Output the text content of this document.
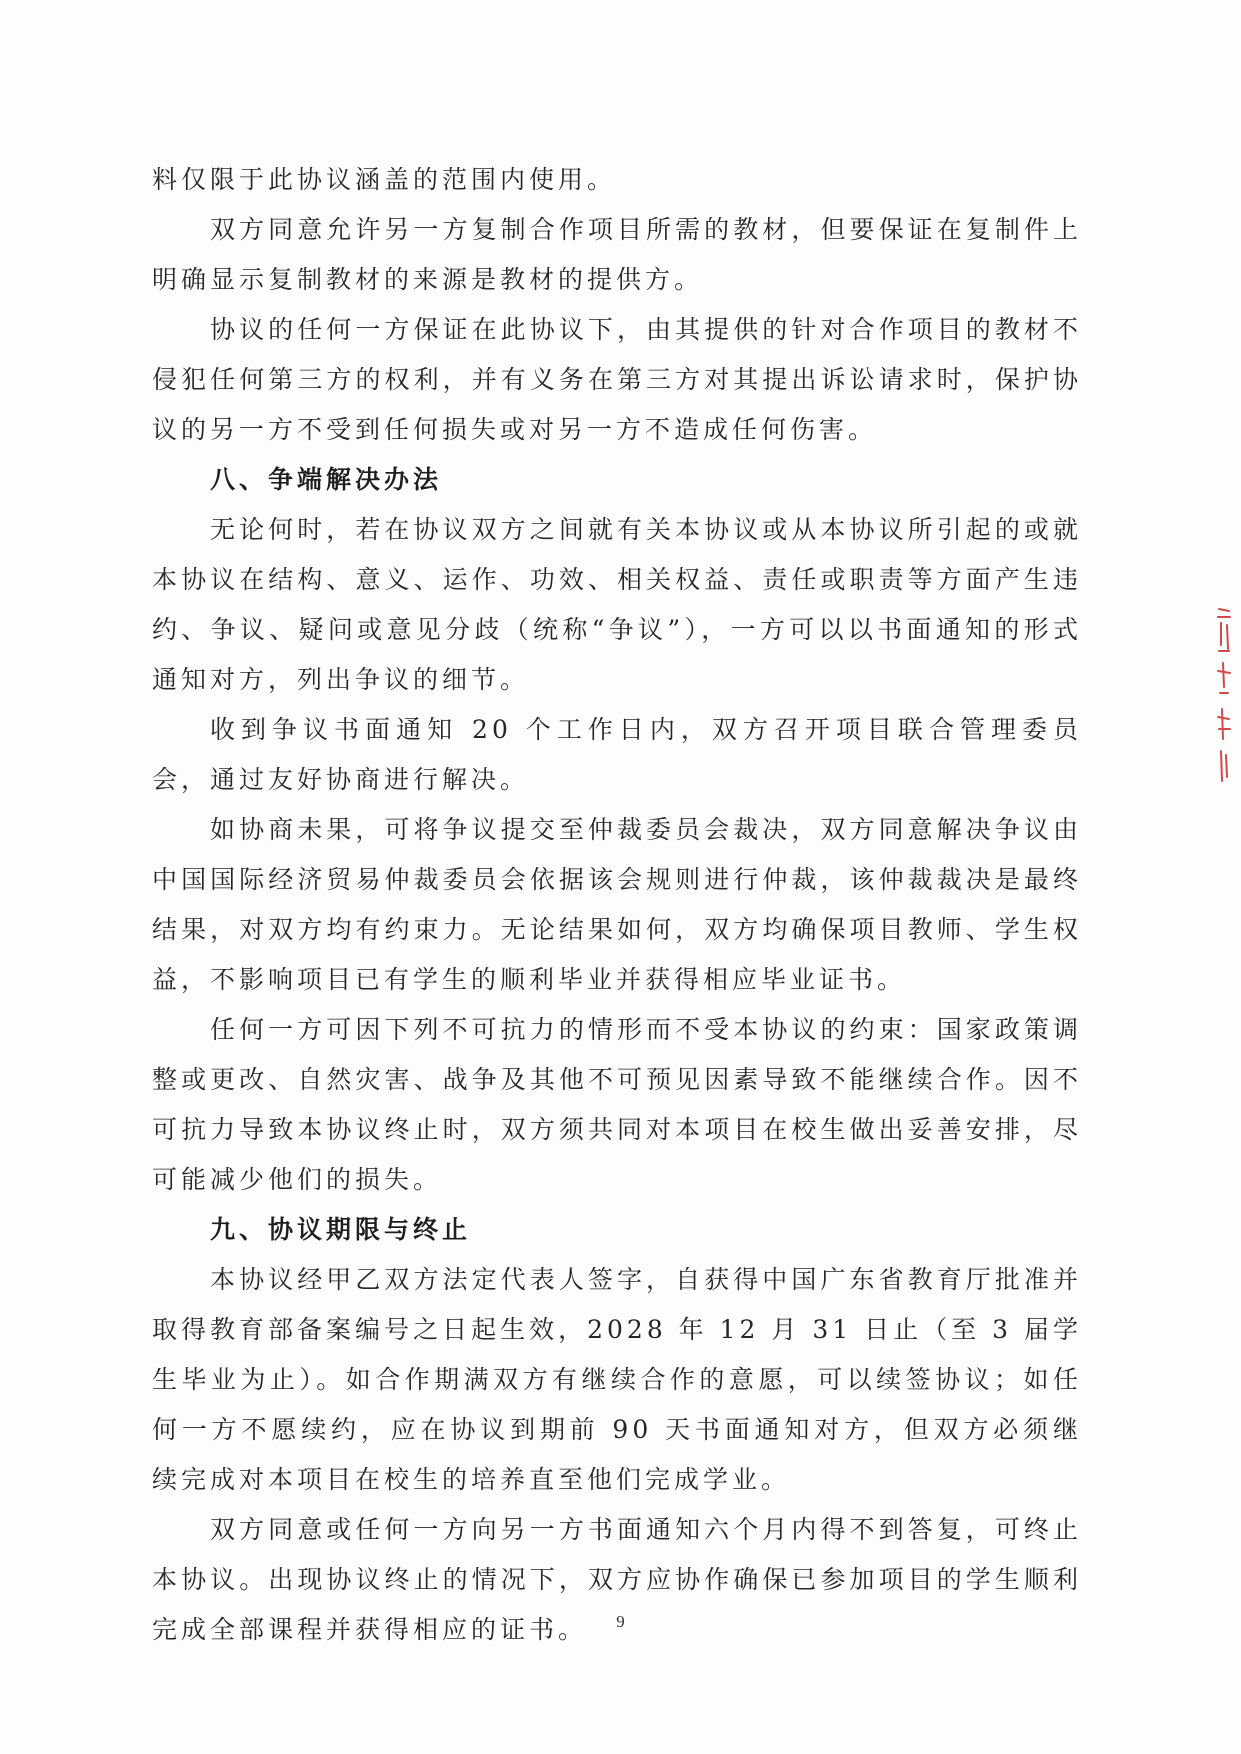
料仅限于此协议涵盖的范围内使用。

双方同意允许另一方复制合作项目所需的教材，但要保证在复制件上明确显示复制教材的来源是教材的提供方。

协议的任何一方保证在此协议下，由其提供的针对合作项目的教材不侵犯任何第三方的权利，并有义务在第三方对其提出诉讼请求时，保护协议的另一方不受到任何损失或对另一方不造成任何伤害。

八、争端解决办法

无论何时，若在协议双方之间就有关本协议或从本协议所引起的或就本协议在结构、意义、运作、功效、相关权益、责任或职责等方面产生违约、争议、疑问或意见分歧（统称“争议”），一方可以以书面通知的形式通知对方，列出争议的细节。

收到争议书面通知 20 个工作日内，双方召开项目联合管理委员会，通过友好协商进行解决。

如协商未果，可将争议提交至仲裁委员会裁决，双方同意解决争议由中国国际经济贸易仲裁委员会依据该会规则进行仲裁，该仲裁裁决是最终结果，对双方均有约束力。无论结果如何，双方均确保项目教师、学生权益，不影响项目已有学生的顺利毕业并获得相应毕业证书。

任何一方可因下列不可抗力的情形而不受本协议的约束：国家政策调整或更改、自然灾害、战争及其他不可预见因素导致不能继续合作。因不可抗力导致本协议终止时，双方须共同对本项目在校生做出妥善安排，尽可能减少他们的损失。

九、协议期限与终止

本协议经甲乙双方法定代表人签字，自获得中国广东省教育厅批准并取得教育部备案编号之日起生效，2028 年 12 月 31 日止（至 3 届学生毕业为止）。如合作期满双方有继续合作的意愿，可以续签协议；如任何一方不愿续约，应在协议到期前 90 天书面通知对方，但双方必须继续完成对本项目在校生的培养直至他们完成学业。

双方同意或任何一方向另一方书面通知六个月内得不到答复，可终止本协议。出现协议终止的情况下，双方应协作确保已参加项目的学生顺利完成全部课程并获得相应的证书。	9
